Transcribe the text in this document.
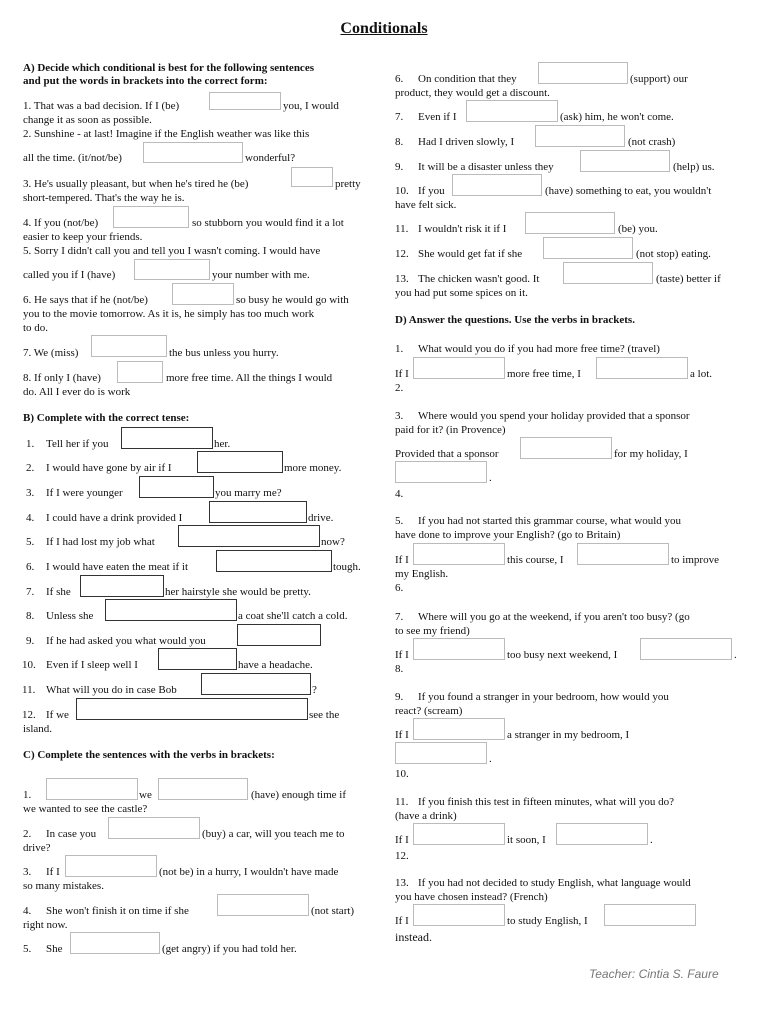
Conditionals
A) Decide which conditional is best for the following sentences
and put the words in brackets into the correct form:
1. That was a bad decision. If I (be)	you, I would
change it as soon as possible.
2. Sunshine - at last! Imagine if the English weather was like this
all the time. (it/not/be)	wonderful?
3. He's usually pleasant, but when he's tired he (be)	pretty
short-tempered. That's the way he is.
4. If you (not/be)	so stubborn you would find it a lot
easier to keep your friends.
5. Sorry I didn't call you and tell you I wasn't coming. I would have
called you if I (have)	your number with me.
6. He says that if he (not/be)	so busy he would go with
you to the movie tomorrow. As it is, he simply has too much work
to do.
7. We (miss)	the bus unless you hurry.
8. If only I (have)	more free time. All the things I would
do. All I ever do is work
B) Complete with the correct tense:
1. Tell her if you	her.
2. I would have gone by air if I	more money.
3. If I were younger	you marry me?
4. I could have a drink provided I	drive.
5. If I had lost my job what	now?
6. I would have eaten the meat if it	tough.
7. If she	her hairstyle she would be pretty.
8. Unless she	a coat she'll catch a cold.
9. If he had asked you what would you
10. Even if I sleep well I	have a headache.
11. What will you do in case Bob	?
12. If we	see the
island.
C) Complete the sentences with the verbs in brackets:
1.	we	(have) enough time if
we wanted to see the castle?
2. In case you	(buy) a car, will you teach me to
drive?
3. If I	(not be) in a hurry, I wouldn't have made
so many mistakes.
4. She won't finish it on time if she	(not start)
right now.
5. She	(get angry) if you had told her.
6. On condition that they	(support) our
product, they would get a discount.
7. Even if I	(ask) him, he won't come.
8. Had I driven slowly, I	(not crash)
9. It will be a disaster unless they	(help) us.
10. If you	(have) something to eat, you wouldn't
have felt sick.
11. I wouldn't risk it if I	(be) you.
12. She would get fat if she	(not stop) eating.
13. The chicken wasn't good. It	(taste) better if
you had put some spices on it.
D) Answer the questions. Use the verbs in brackets.
1. What would you do if you had more free time? (travel)
If I	more free time, I	a lot.
2.
3. Where would you spend your holiday provided that a sponsor
paid for it? (in Provence)
Provided that a sponsor	for my holiday, I
.
4.
5. If you had not started this grammar course, what would you
have done to improve your English? (go to Britain)
If I	this course, I	to improve
my English.
6.
7. Where will you go at the weekend, if you aren't too busy? (go
to see my friend)
If I	too busy next weekend, I	.
8.
9. If you found a stranger in your bedroom, how would you
react? (scream)
If I	a stranger in my bedroom, I
.
10.
11. If you finish this test in fifteen minutes, what will you do?
(have a drink)
If I	it soon, I	.
12.
13. If you had not decided to study English, what language would
you have chosen instead? (French)
If I	to study English, I
instead.
Teacher: Cintia S. Faure
